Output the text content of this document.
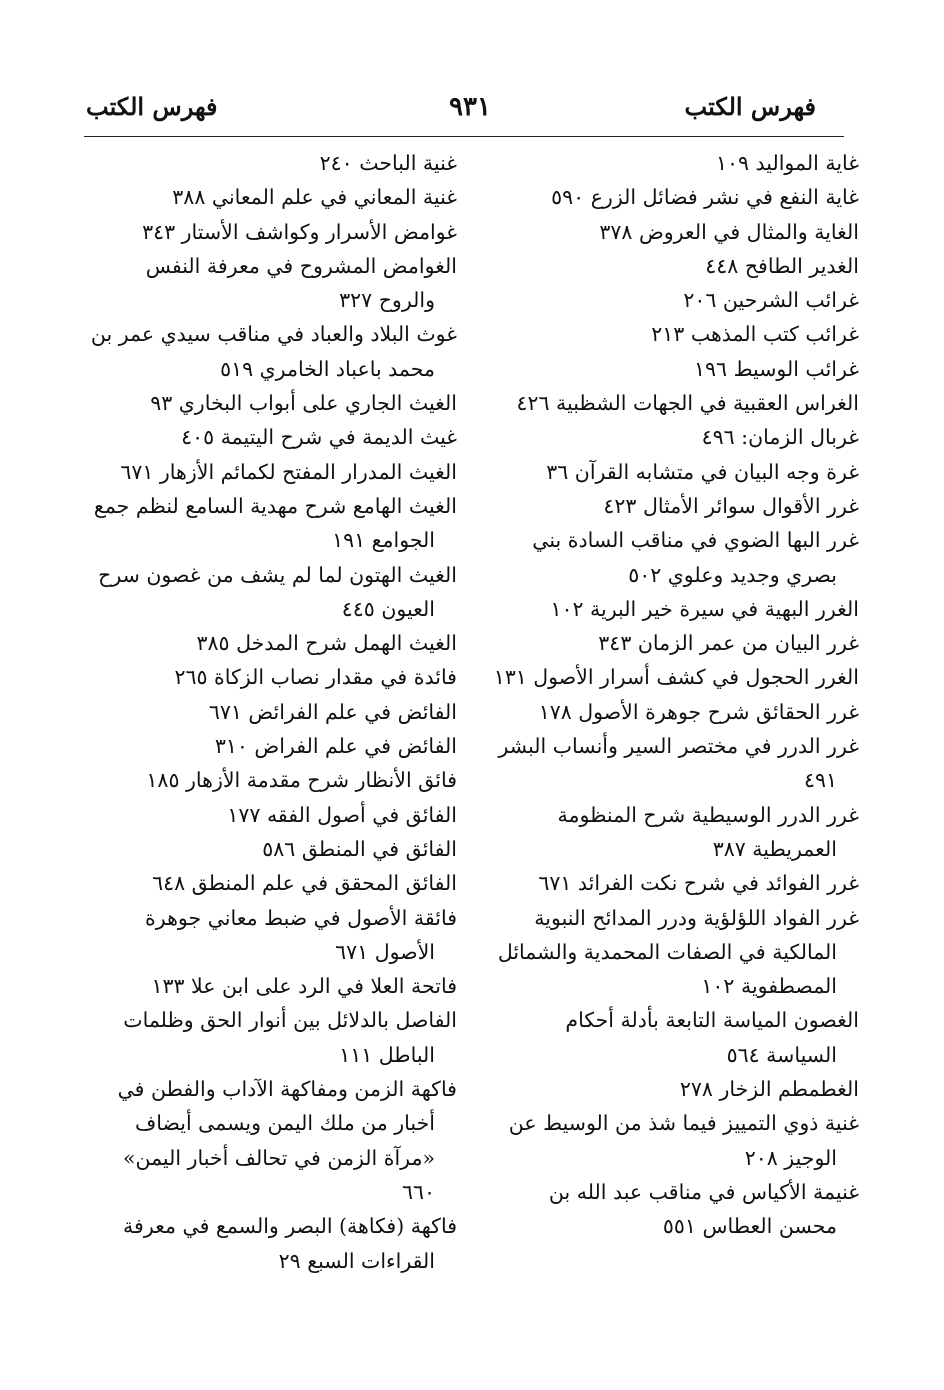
فهرس الكتب
٩٣١
فهرس الكتب

غاية المواليد ١٠٩

غاية النفع في نشر فضائل الزرع ٥٩٠

الغاية والمثال في العروض ٣٧٨

الغدير الطافح ٤٤٨

غرائب الشرحين ٢٠٦

غرائب كتب المذهب ٢١٣

غرائب الوسيط ١٩٦

الغراس العقبية في الجهات الشظبية ٤٢٦

غربال الزمان: ٤٩٦

غرة وجه البيان في متشابه القرآن ٣٦

غرر الأقوال سوائر الأمثال ٤٢٣

غرر البها الضوي في مناقب السادة بني بصري وجديد وعلوي ٥٠٢

الغرر البهية في سيرة خير البرية ١٠٢

غرر البيان من عمر الزمان ٣٤٣

الغرر الحجول في كشف أسرار الأصول ١٣١

غرر الحقائق شرح جوهرة الأصول ١٧٨

غرر الدرر في مختصر السير وأنساب البشر ٤٩١

غرر الدرر الوسيطية شرح المنظومة العمريطية ٣٨٧

غرر الفوائد في شرح نكت الفرائد ٦٧١

غرر الفواد اللؤلؤية ودرر المدائح النبوية المالكية في الصفات المحمدية والشمائل المصطفوية ١٠٢

الغصون المياسة التابعة بأدلة أحكام السياسة ٥٦٤

الغطمطم الزخار ٢٧٨

غنية ذوي التمييز فيما شذ من الوسيط عن الوجيز ٢٠٨

غنيمة الأكياس في مناقب عبد الله بن محسن العطاس ٥٥١

غنية الباحث ٢٤٠

غنية المعاني في علم المعاني ٣٨٨

غوامض الأسرار وكواشف الأستار ٣٤٣

الغوامض المشروح في معرفة النفس والروح ٣٢٧

غوث البلاد والعباد في مناقب سيدي عمر بن محمد باعباد الخامري ٥١٩

الغيث الجاري على أبواب البخاري ٩٣

غيث الديمة في شرح اليتيمة ٤٠٥

الغيث المدرار المفتح لكمائم الأزهار ٦٧١

الغيث الهامع شرح مهدية السامع لنظم جمع الجوامع ١٩١

الغيث الهتون لما لم يشف من غصون سرح العيون ٤٤٥

الغيث الهمل شرح المدخل ٣٨٥

فائدة في مقدار نصاب الزكاة ٢٦٥

الفائض في علم الفرائض ٦٧١

الفائض في علم الفراض ٣١٠

فائق الأنظار شرح مقدمة الأزهار ١٨٥

الفائق في أصول الفقه ١٧٧

الفائق في المنطق ٥٨٦

الفائق المحقق في علم المنطق ٦٤٨

فائقة الأصول في ضبط معاني جوهرة الأصول ٦٧١

فاتحة العلا في الرد على ابن علا ١٣٣

الفاصل بالدلائل بين أنوار الحق وظلمات الباطل ١١١

فاكهة الزمن ومفاكهة الآداب والفطن في أخبار من ملك اليمن ويسمى أيضاف «مرآة الزمن في تحالف أخبار اليمن» ٦٦٠

فاكهة (فكاهة) البصر والسمع في معرفة القراءات السبع ٢٩
